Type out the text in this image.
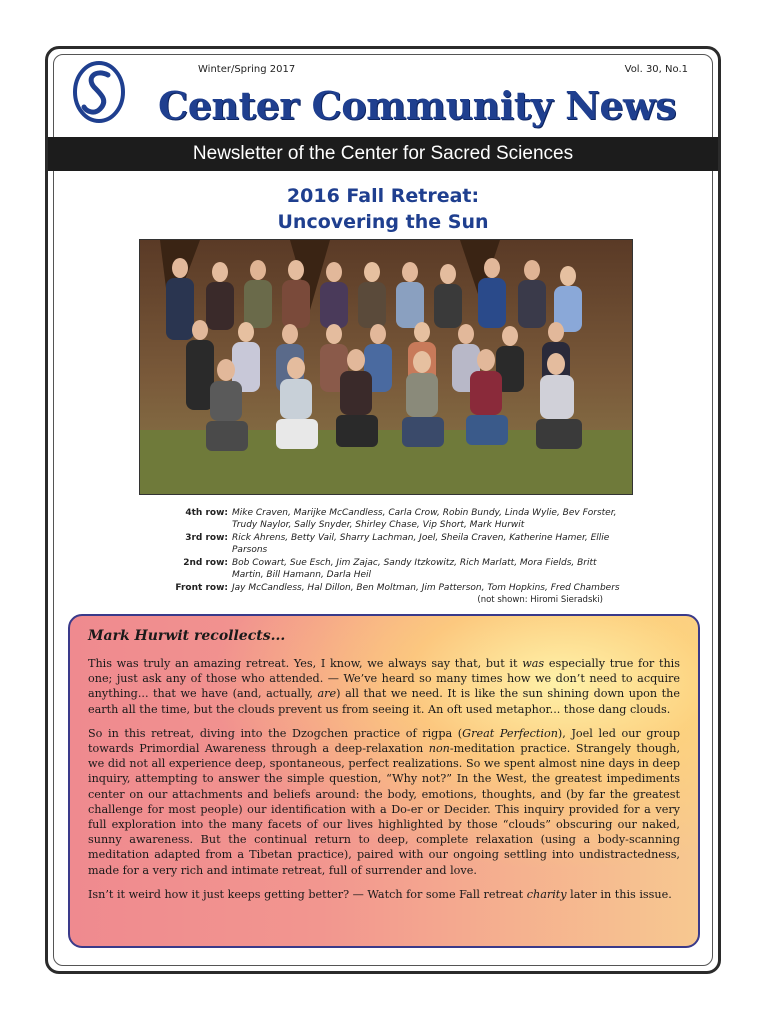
Winter/Spring 2017	Vol. 30, No.1
Center Community News
Newsletter of the Center for Sacred Sciences
2016 Fall Retreat:
Uncovering the Sun
4th row: Mike Craven, Marijke McCandless, Carla Crow, Robin Bundy, Linda Wylie, Bev Forster, Trudy Naylor, Sally Snyder, Shirley Chase, Vip Short, Mark Hurwit
3rd row: Rick Ahrens, Betty Vail, Sharry Lachman, Joel, Sheila Craven, Katherine Hamer, Ellie Parsons
2nd row: Bob Cowart, Sue Esch, Jim Zajac, Sandy Itzkowitz, Rich Marlatt, Mora Fields, Britt Martin, Bill Hamann, Darla Heil
Front row: Jay McCandless, Hal Dillon, Ben Moltman, Jim Patterson, Tom Hopkins, Fred Chambers
(not shown: Hiromi Sieradski)
Mark Hurwit recollects...

This was truly an amazing retreat. Yes, I know, we always say that, but it was especially true for this one; just ask any of those who attended. — We’ve heard so many times how we don’t need to acquire anything... that we have (and, actually, are) all that we need. It is like the sun shining down upon the earth all the time, but the clouds prevent us from seeing it. An oft used metaphor... those dang clouds.

So in this retreat, diving into the Dzogchen practice of rigpa (Great Perfection), Joel led our group towards Primordial Awareness through a deep-relaxation non-meditation practice. Strangely though, we did not all experience deep, spontaneous, perfect realizations. So we spent almost nine days in deep inquiry, attempting to answer the simple question, “Why not?” In the West, the greatest impediments center on our attachments and beliefs around: the body, emotions, thoughts, and (by far the greatest challenge for most people) our identification with a Do-er or Decider. This inquiry provided for a very full exploration into the many facets of our lives highlighted by those “clouds” obscuring our naked, sunny awareness. But the continual return to deep, complete relaxation (using a body-scanning meditation adapted from a Tibetan practice), paired with our ongoing settling into undistractedness, made for a very rich and intimate retreat, full of surrender and love.

Isn’t it weird how it just keeps getting better? — Watch for some Fall retreat charity later in this issue.
